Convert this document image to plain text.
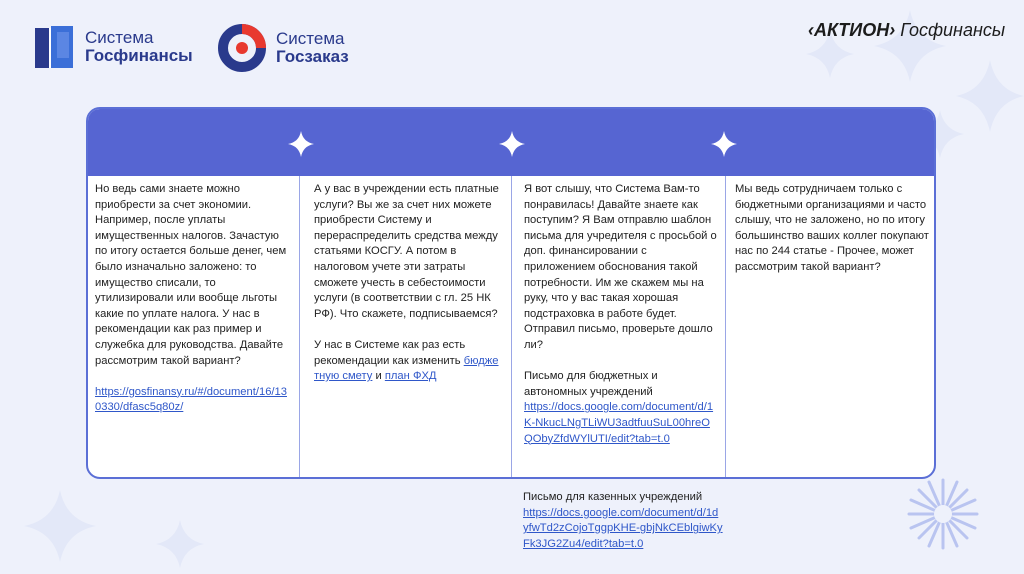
Система
Госфинансы
Система
Госзаказ
‹АКТИОН› Госфинансы

Но ведь сами знаете можно приобрести за счет экономии. Например, после уплаты имущественных налогов. Зачастую по итогу остается больше денег, чем было изначально заложено: то имущество списали, то утилизировали или вообще льготы какие по уплате налога. У нас в рекомендации как раз пример и служебка для руководства. Давайте рассмотрим такой вариант?

https://gosfinansy.ru/#/document/16/130330/dfasc5q80z/

А у вас в учреждении есть платные услуги? Вы же за счет них можете приобрести Систему и перераспределить средства между статьями КОСГУ. А потом в налоговом учете эти затраты сможете учесть в себестоимости услуги (в соответствии с гл. 25 НК РФ). Что скажете, подписываемся?

У нас в Системе как раз есть рекомендации как изменить бюджетную смету и план ФХД

Я вот слышу, что Система Вам-то понравилась! Давайте знаете как поступим? Я Вам отправлю шаблон письма для учредителя с просьбой о доп. финансировании с приложением обоснования такой потребности. Им же скажем мы на руку, что у вас такая хорошая подстраховка в работе будет. Отправил письмо, проверьте дошло ли?

Письмо для бюджетных и автономных учреждений
https://docs.google.com/document/d/1K-NkucLNgTLiWU3adtfuuSuL00hreOQObyZfdWYlUTI/edit?tab=t.0

Мы ведь сотрудничаем только с бюджетными организациями и часто слышу, что не заложено, но по итогу большинство ваших коллег покупают нас по 244 статье - Прочее, может рассмотрим такой вариант?

Письмо для казенных учреждений
https://docs.google.com/document/d/1dyfwTd2zCojoTggpKHE-gbjNkCEblgiwKyFk3JG2Zu4/edit?tab=t.0
